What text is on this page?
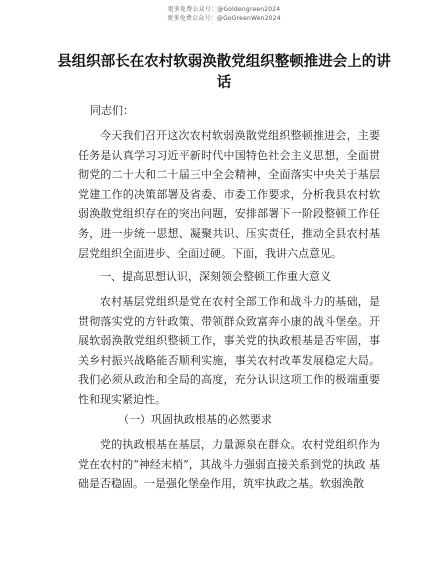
更多免费公众号：@Goldengreen2024
更多免费公众号：@GoGreenWen2024
县组织部长在农村软弱涣散党组织整顿推进会上的讲话
同志们：
今天我们召开这次农村软弱涣散党组织整顿推进会，主要任务是认真学习习近平新时代中国特色社会主义思想，全面贯彻党的二十大和二十届三中全会精神，全面落实中央关于基层党建工作的决策部署及省委、市委工作要求，分析我县农村软弱涣散党组织存在的突出问题，安排部署下一阶段整顿工作任务，进一步统一思想、凝聚共识、压实责任，推动全县农村基层党组织全面进步、全面过硬。下面，我讲六点意见。
一、提高思想认识，深刻领会整顿工作重大意义
农村基层党组织是党在农村全部工作和战斗力的基础，是贯彻落实党的方针政策、带领群众致富奔小康的战斗堡垒。开展软弱涣散党组织整顿工作，事关党的执政根基是否牢固，事关乡村振兴战略能否顺利实施，事关农村改革发展稳定大局。我们必须从政治和全局的高度，充分认识这项工作的极端重要性和现实紧迫性。
（一）巩固执政根基的必然要求
党的执政根基在基层，力量源泉在群众。农村党组织作为党在农村的“神经末梢”，其战斗力强弱直接关系到党的执政 基础是否稳固。一是强化堡垒作用，筑牢执政之基。软弱涣散
